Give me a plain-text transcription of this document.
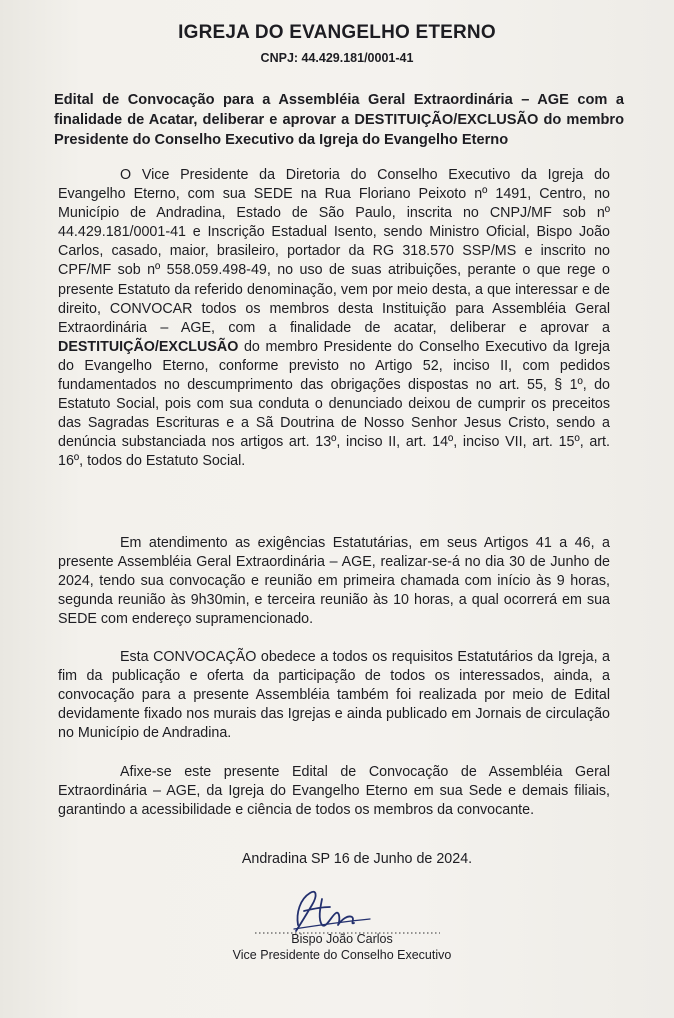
IGREJA DO EVANGELHO ETERNO
CNPJ: 44.429.181/0001-41
Edital de Convocação para a Assembléia Geral Extraordinária – AGE com a finalidade de Acatar, deliberar e aprovar a DESTITUIÇÃO/EXCLUSÃO do membro Presidente do Conselho Executivo da Igreja do Evangelho Eterno

O Vice Presidente da Diretoria do Conselho Executivo da Igreja do Evangelho Eterno, com sua SEDE na Rua Floriano Peixoto nº 1491, Centro, no Município de Andradina, Estado de São Paulo, inscrita no CNPJ/MF sob nº 44.429.181/0001-41 e Inscrição Estadual Isento, sendo Ministro Oficial, Bispo João Carlos, casado, maior, brasileiro, portador da RG 318.570 SSP/MS e inscrito no CPF/MF sob nº 558.059.498-49, no uso de suas atribuições, perante o que rege o presente Estatuto da referido denominação, vem por meio desta, a que interessar e de direito, CONVOCAR todos os membros desta Instituição para Assembléia Geral Extraordinária – AGE, com a finalidade de acatar, deliberar e aprovar a DESTITUIÇÃO/EXCLUSÃO do membro Presidente do Conselho Executivo da Igreja do Evangelho Eterno, conforme previsto no Artigo 52, inciso II, com pedidos fundamentados no descumprimento das obrigações dispostas no art. 55, § 1º, do Estatuto Social, pois com sua conduta o denunciado deixou de cumprir os preceitos das Sagradas Escrituras e a Sã Doutrina de Nosso Senhor Jesus Cristo, sendo a denúncia substanciada nos artigos art. 13º, inciso II, art. 14º, inciso VII, art. 15º, art. 16º, todos do Estatuto Social.

Em atendimento as exigências Estatutárias, em seus Artigos 41 a 46, a presente Assembléia Geral Extraordinária – AGE, realizar-se-á no dia 30 de Junho de 2024, tendo sua convocação e reunião em primeira chamada com início às 9 horas, segunda reunião às 9h30min, e terceira reunião às 10 horas, a qual ocorrerá em sua SEDE com endereço supramencionado.

Esta CONVOCAÇÃO obedece a todos os requisitos Estatutários da Igreja, a fim da publicação e oferta da participação de todos os interessados, ainda, a convocação para a presente Assembléia também foi realizada por meio de Edital devidamente fixado nos murais das Igrejas e ainda publicado em Jornais de circulação no Município de Andradina.

Afixe-se este presente Edital de Convocação de Assembléia Geral Extraordinária – AGE, da Igreja do Evangelho Eterno em sua Sede e demais filiais, garantindo a acessibilidade e ciência de todos os membros da convocante.

Andradina SP 16 de Junho de 2024.
Bispo João Carlos
Vice Presidente do Conselho Executivo
